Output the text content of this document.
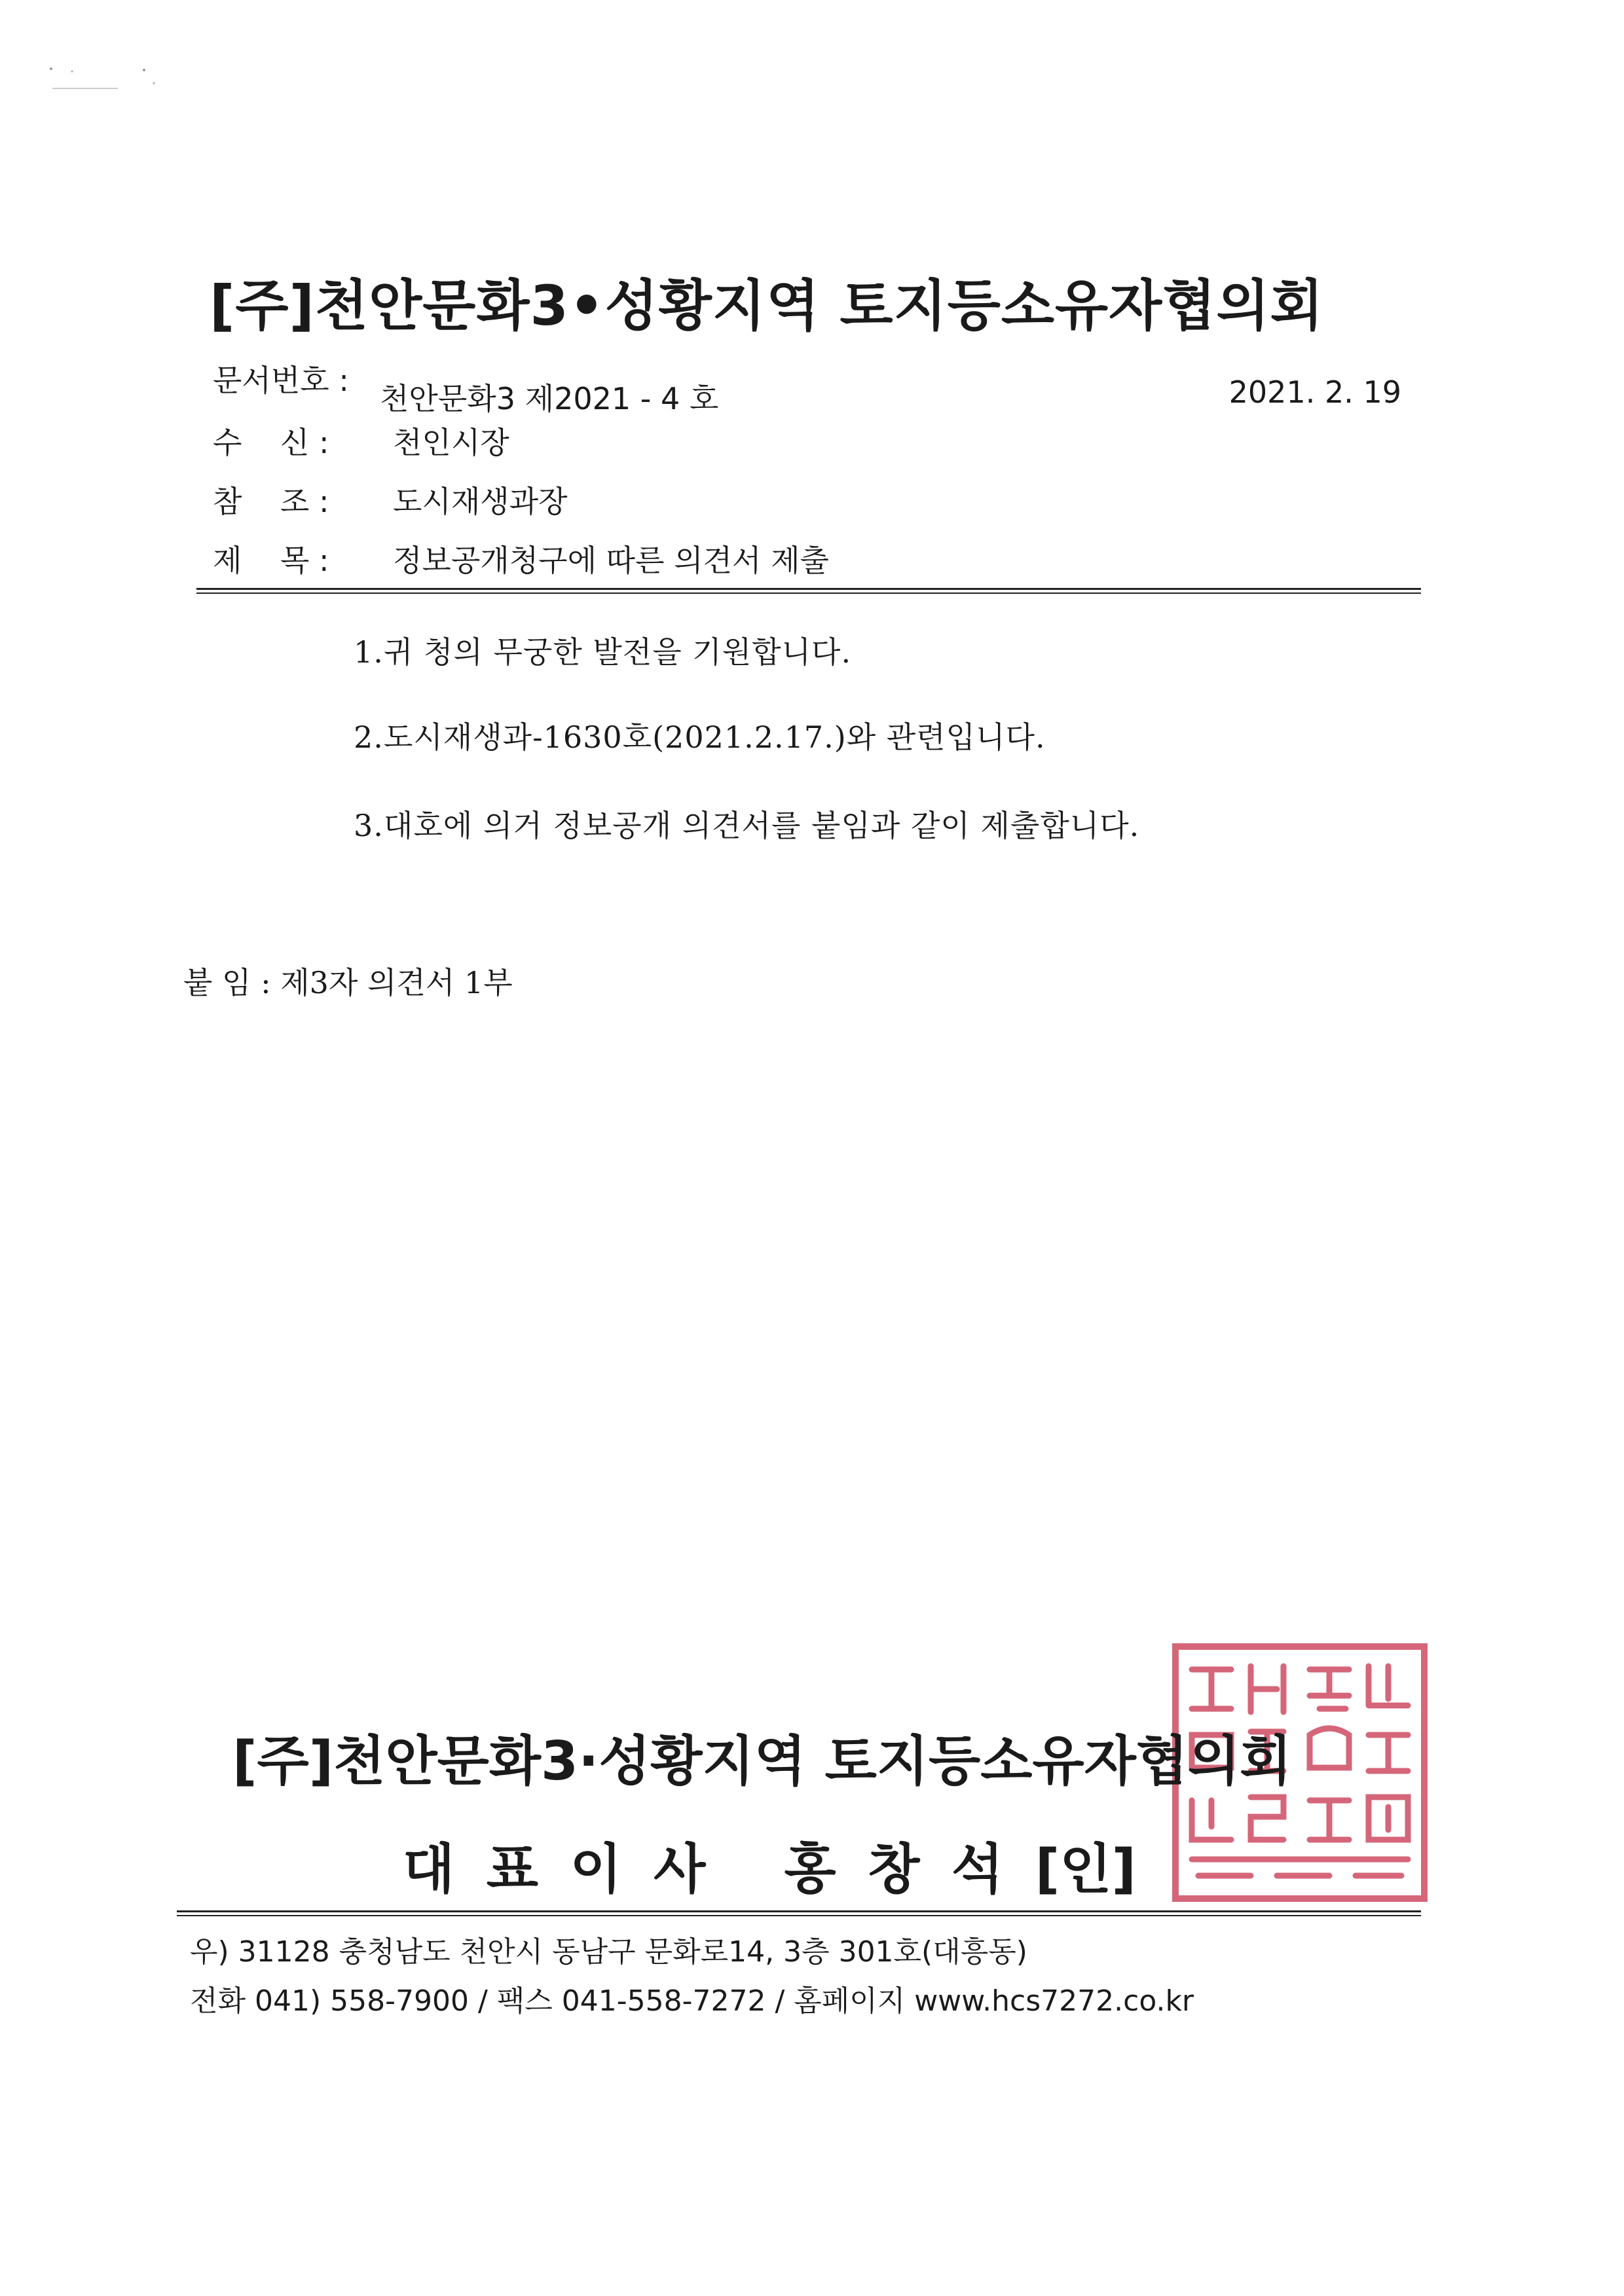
[주]천안문화3•성황지역 토지등소유자협의회
문서번호 :천안문화3 제2021 - 4 호	2021. 2. 19
수    신 : 천인시장
참    조 : 도시재생과장
제    목 : 정보공개청구에 따른 의견서 제출
1.귀 청의 무궁한 발전을 기원합니다.
2.도시재생과-1630호(2021.2.17.)와 관련입니다.
3.대호에 의거 정보공개 의견서를 붙임과 같이 제출합니다.
붙 임 : 제3자 의견서 1부
[주]천안문화3·성황지역 토지등소유자협의회
대 표 이 사 홍 창 석 [인]
우) 31128 충청남도 천안시 동남구 문화로14, 3층 301호(대흥동)
전화 041) 558-7900 / 팩스 041-558-7272 / 홈페이지 www.hcs7272.co.kr
